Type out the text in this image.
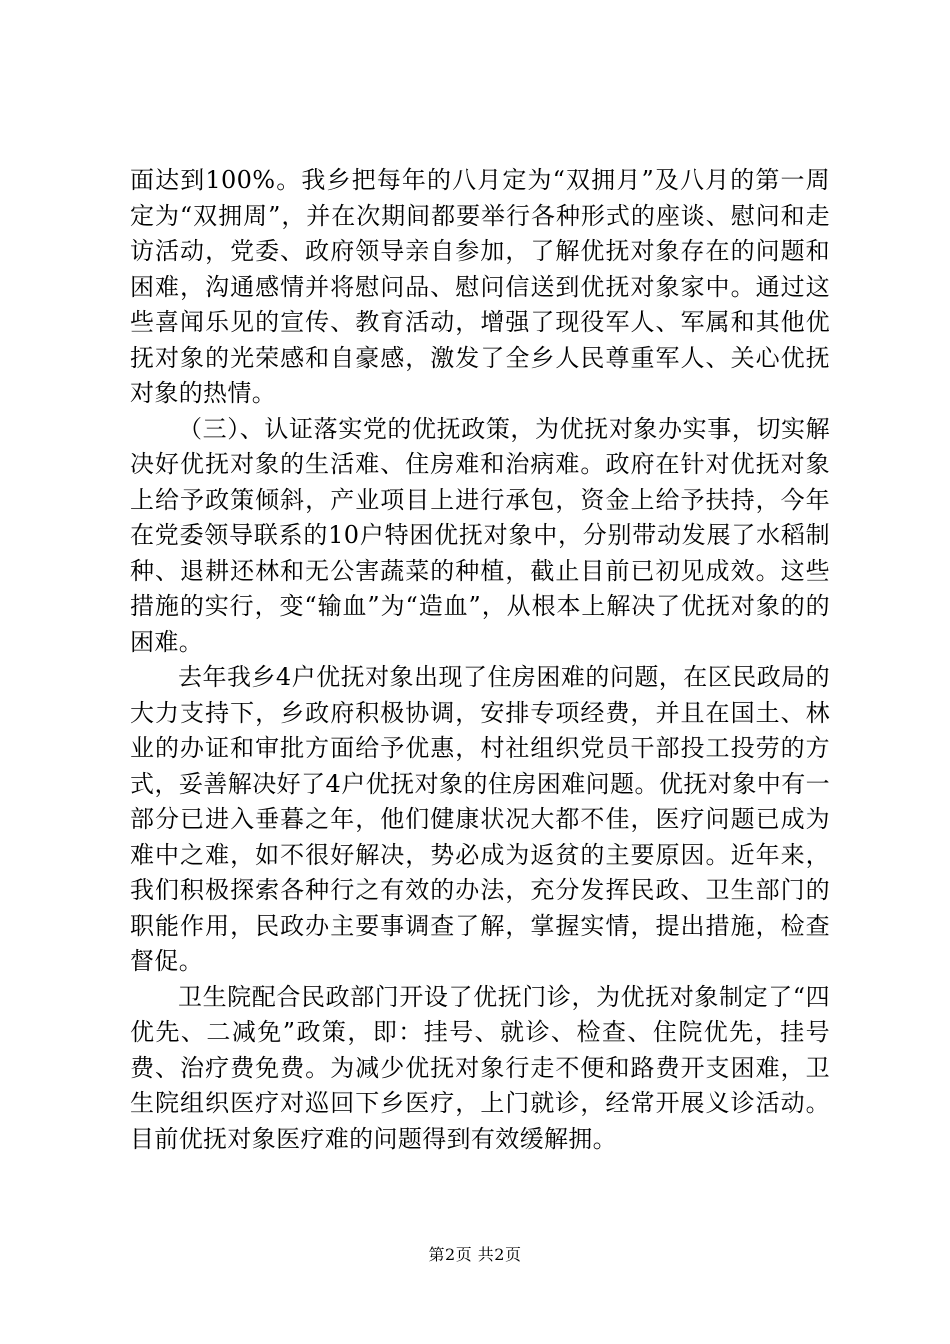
面达到100%。我乡把每年的八月定为“双拥月”及八月的第一周定为“双拥周”，并在次期间都要举行各种形式的座谈、慰问和走访活动，党委、政府领导亲自参加，了解优抚对象存在的问题和困难，沟通感情并将慰问品、慰问信送到优抚对象家中。通过这些喜闻乐见的宣传、教育活动，增强了现役军人、军属和其他优抚对象的光荣感和自豪感，激发了全乡人民尊重军人、关心优抚对象的热情。

（三）、认证落实党的优抚政策，为优抚对象办实事，切实解决好优抚对象的生活难、住房难和治病难。政府在针对优抚对象上给予政策倾斜，产业项目上进行承包，资金上给予扶持，今年在党委领导联系的10户特困优抚对象中，分别带动发展了水稻制种、退耕还林和无公害蔬菜的种植，截止目前已初见成效。这些措施的实行，变“输血”为“造血”，从根本上解决了优抚对象的的困难。

去年我乡4户优抚对象出现了住房困难的问题，在区民政局的大力支持下，乡政府积极协调，安排专项经费，并且在国土、林业的办证和审批方面给予优惠，村社组织党员干部投工投劳的方式，妥善解决好了4户优抚对象的住房困难问题。优抚对象中有一部分已进入垂暮之年，他们健康状况大都不佳，医疗问题已成为难中之难，如不很好解决，势必成为返贫的主要原因。近年来，我们积极探索各种行之有效的办法，充分发挥民政、卫生部门的职能作用，民政办主要事调查了解，掌握实情，提出措施，检查督促。

卫生院配合民政部门开设了优抚门诊，为优抚对象制定了“四优先、二减免”政策，即：挂号、就诊、检查、住院优先，挂号费、治疗费免费。为减少优抚对象行走不便和路费开支困难，卫生院组织医疗对巡回下乡医疗，上门就诊，经常开展义诊活动。目前优抚对象医疗难的问题得到有效缓解拥。

第2页 共2页
